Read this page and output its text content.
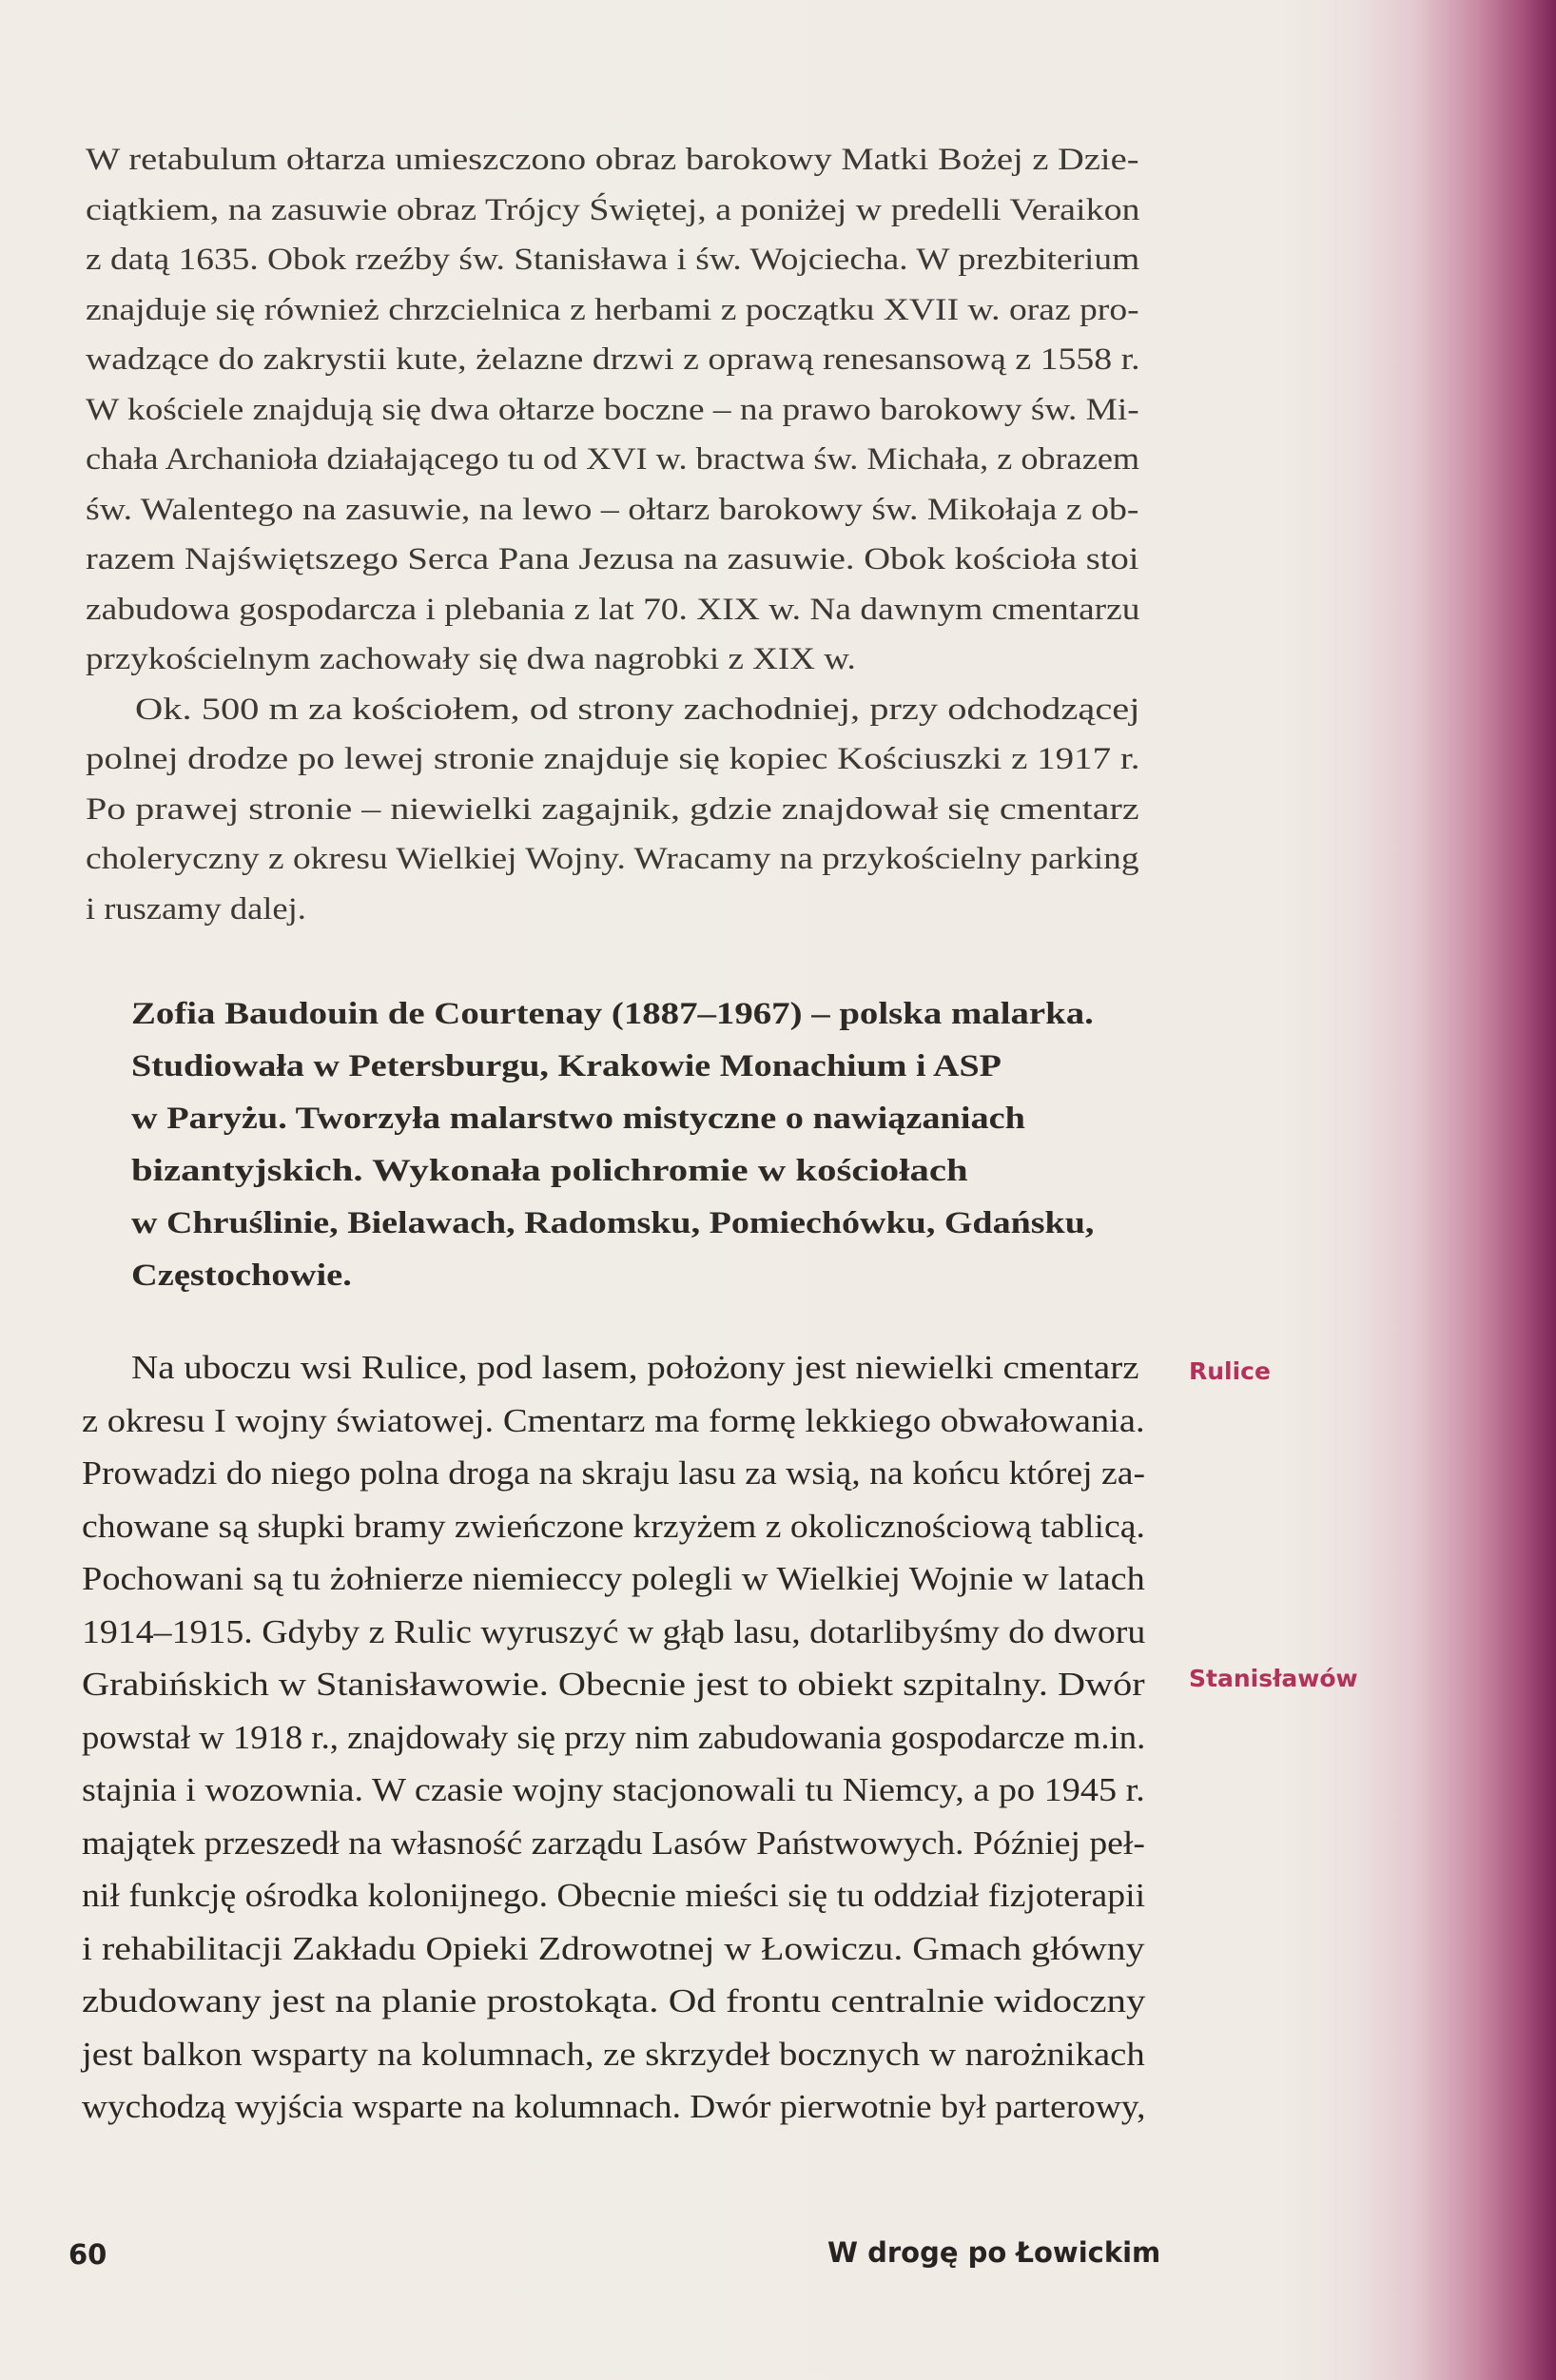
W retabulum ołtarza umieszczono obraz barokowy Matki Bożej z Dzie-

ciątkiem, na zasuwie obraz Trójcy Świętej, a poniżej w predelli Veraikon

z datą 1635. Obok rzeźby św. Stanisława i św. Wojciecha. W prezbiterium

znajduje się również chrzcielnica z herbami z początku XVII w. oraz pro-

wadzące do zakrystii kute, żelazne drzwi z oprawą renesansową z 1558 r.

W kościele znajdują się dwa ołtarze boczne – na prawo barokowy św. Mi-

chała Archanioła działającego tu od XVI w. bractwa św. Michała, z obrazem

św. Walentego na zasuwie, na lewo – ołtarz barokowy św. Mikołaja z ob-

razem Najświętszego Serca Pana Jezusa na zasuwie. Obok kościoła stoi

zabudowa gospodarcza i plebania z lat 70. XIX w. Na dawnym cmentarzu

przykościelnym zachowały się dwa nagrobki z XIX w.

Ok. 500 m za kościołem, od strony zachodniej, przy odchodzącej

polnej drodze po lewej stronie znajduje się kopiec Kościuszki z 1917 r.

Po prawej stronie – niewielki zagajnik, gdzie znajdował się cmentarz

choleryczny z okresu Wielkiej Wojny. Wracamy na przykościelny parking

i ruszamy dalej.

Zofia Baudouin de Courtenay (1887–1967) – polska malarka.

Studiowała w Petersburgu, Krakowie Monachium i ASP

w Paryżu. Tworzyła malarstwo mistyczne o nawiązaniach

bizantyjskich. Wykonała polichromie w kościołach

w Chruślinie, Bielawach, Radomsku, Pomiechówku, Gdańsku,

Częstochowie.

Na uboczu wsi Rulice, pod lasem, położony jest niewielki cmentarz

z okresu I wojny światowej. Cmentarz ma formę lekkiego obwałowania.

Prowadzi do niego polna droga na skraju lasu za wsią, na końcu której za-

chowane są słupki bramy zwieńczone krzyżem z okolicznościową tablicą.

Pochowani są tu żołnierze niemieccy polegli w Wielkiej Wojnie w latach

1914–1915. Gdyby z Rulic wyruszyć w głąb lasu, dotarlibyśmy do dworu

Grabińskich w Stanisławowie. Obecnie jest to obiekt szpitalny. Dwór

powstał w 1918 r., znajdowały się przy nim zabudowania gospodarcze m.in.

stajnia i wozownia. W czasie wojny stacjonowali tu Niemcy, a po 1945 r.

majątek przeszedł na własność zarządu Lasów Państwowych. Później peł-

nił funkcję ośrodka kolonijnego. Obecnie mieści się tu oddział fizjoterapii

i rehabilitacji Zakładu Opieki Zdrowotnej w Łowiczu. Gmach główny

zbudowany jest na planie prostokąta. Od frontu centralnie widoczny

jest balkon wsparty na kolumnach, ze skrzydeł bocznych w narożnikach

wychodzą wyjścia wsparte na kolumnach. Dwór pierwotnie był parterowy,

Rulice
Stanisławów
60	W drogę po Łowickim
